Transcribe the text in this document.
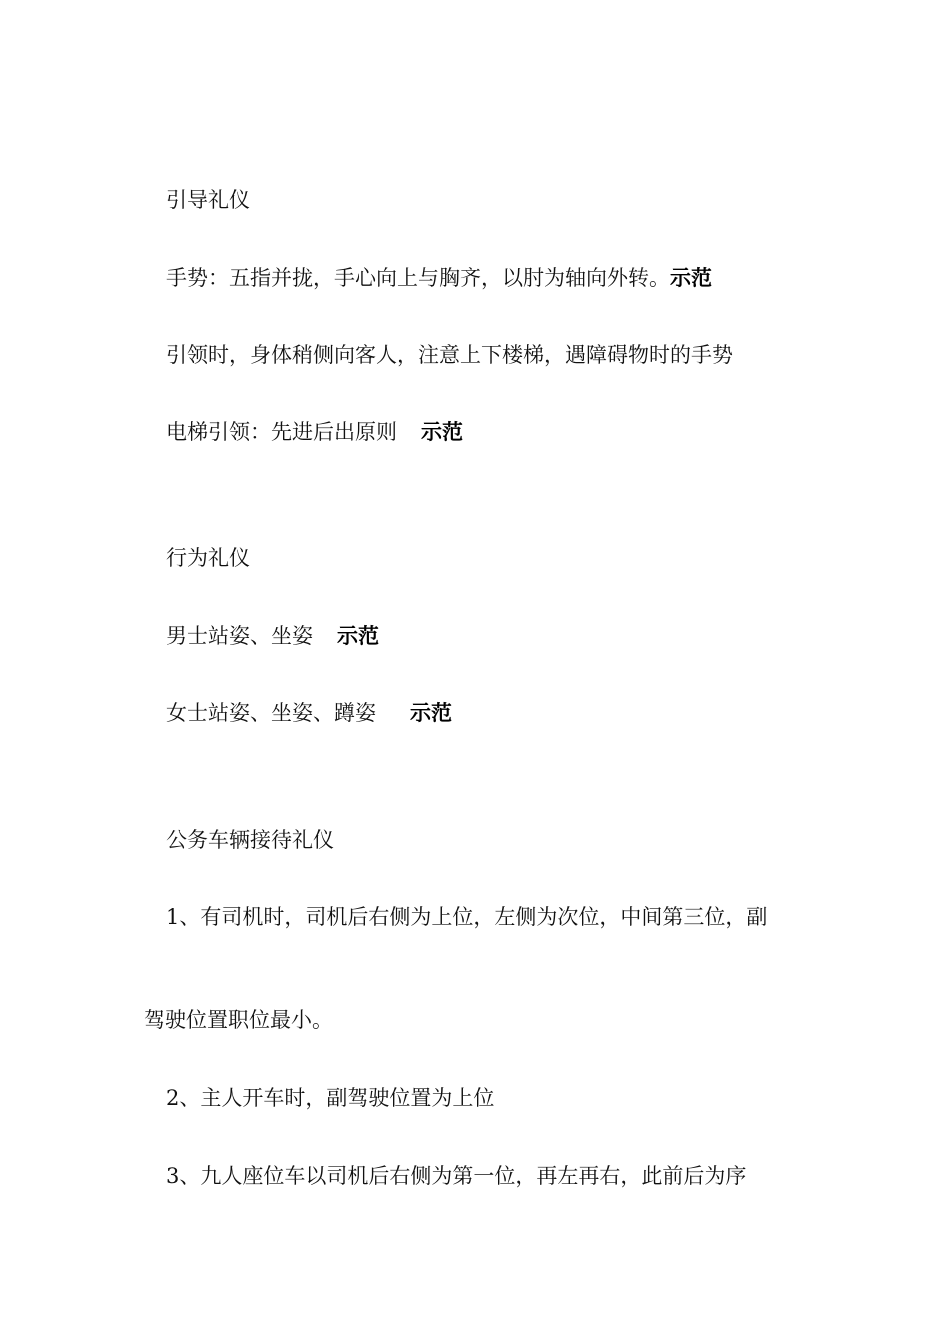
引导礼仪
手势：五指并拢，手心向上与胸齐，以肘为轴向外转。示范
引领时，身体稍侧向客人，注意上下楼梯，遇障碍物时的手势
电梯引领：先进后出原则 示范
行为礼仪
男士站姿、坐姿 示范
女士站姿、坐姿、蹲姿 示范
公务车辆接待礼仪
1、有司机时，司机后右侧为上位，左侧为次位，中间第三位，副
驾驶位置职位最小。
2、主人开车时，副驾驶位置为上位
3、九人座位车以司机后右侧为第一位，再左再右，此前后为序
